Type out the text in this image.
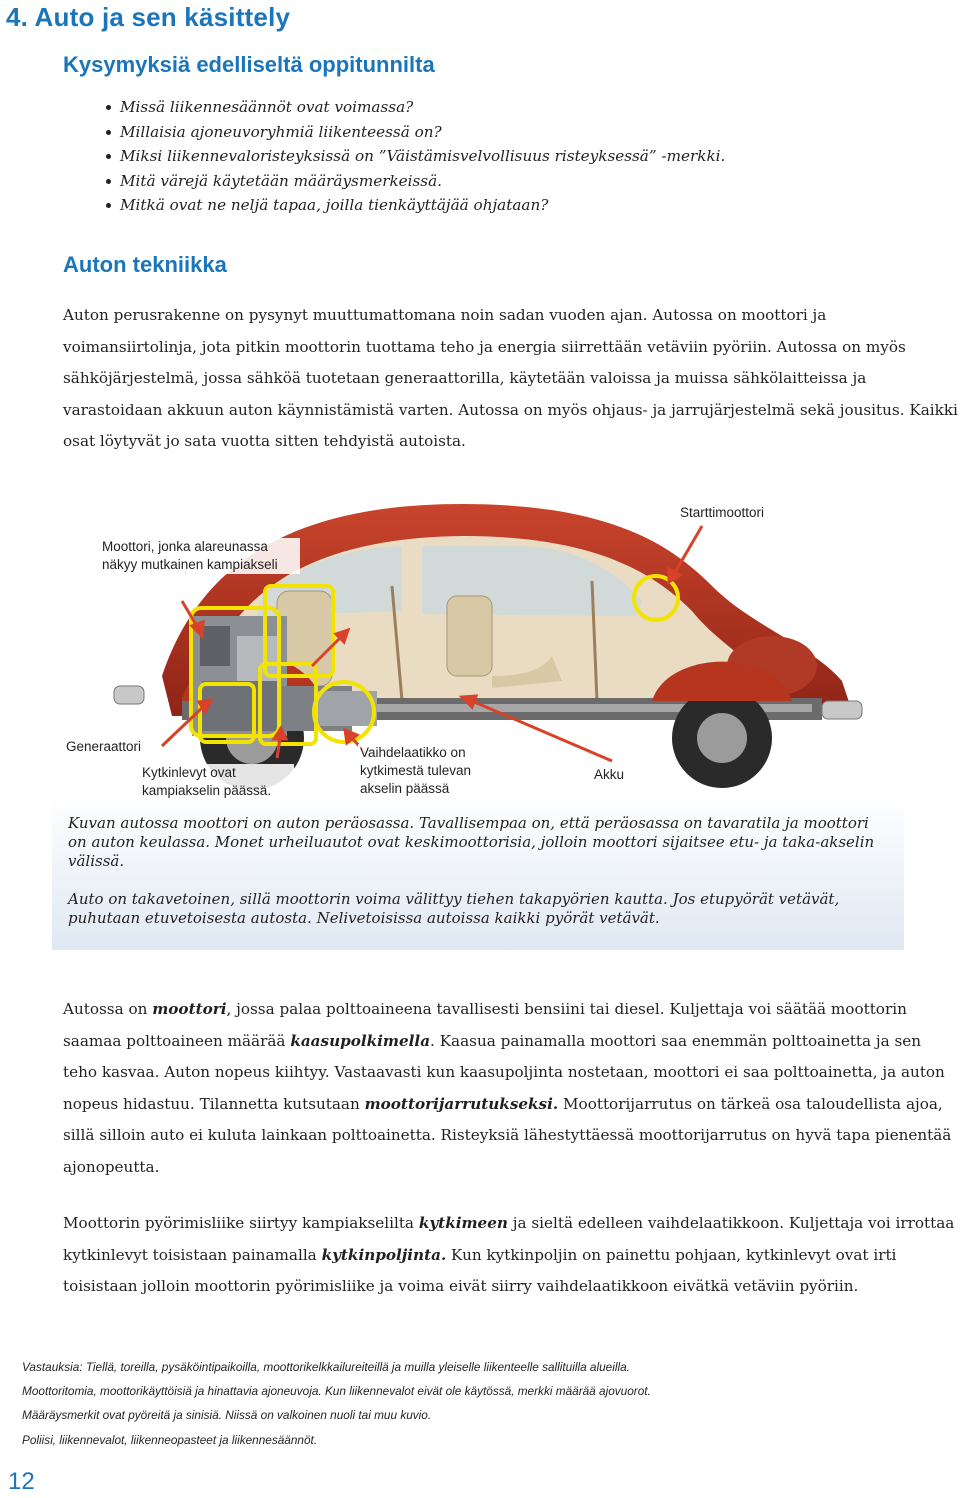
4. Auto ja sen käsittely
Kysymyksiä edelliseltä oppitunnilta
Missä liikennesäännöt ovat voimassa?
Millaisia ajoneuvoryhmiä liikenteessä on?
Miksi liikennevaloristeyksissä on ”Väistämisvelvollisuus risteyksessä” -merkki.
Mitä värejä käytetään määräysmerkeissä.
Mitkä ovat ne neljä tapaa, joilla tienkäyttäjää ohjataan?
Auton tekniikka

Auton perusrakenne on pysynyt muuttumattomana noin sadan vuoden ajan. Autossa on moottori ja voimansiirtolinja, jota pitkin moottorin tuottama teho ja energia siirrettään vetäviin pyöriin. Autossa on myös sähköjärjestelmä, jossa sähköä tuotetaan generaattorilla, käytetään valoissa ja muissa sähkölaitteissa ja varastoidaan akkuun auton käynnistämistä varten. Autossa on myös ohjaus- ja jarrujärjestelmä sekä jousitus. Kaikki osat löytyvät jo sata vuotta sitten tehdyistä autoista.

Moottori, jonka alareunassa näkyy mutkainen kampiakseli
Starttimoottori
Generaattori
Kytkinlevyt ovat kampiakselin päässä.
Vaihdelaatikko on kytkimestä tulevan akselin päässä
Akku

Kuvan autossa moottori on auton peräosassa. Tavallisempaa on, että peräosassa on tavaratila ja moottori on auton keulassa. Monet urheiluautot ovat keskimoottorisia, jolloin moottori sijaitsee etu- ja taka-akselin välissä.

Auto on takavetoinen, sillä moottorin voima välittyy tiehen takapyörien kautta. Jos etupyörät vetävät, puhutaan etuvetoisesta autosta. Nelivetoisissa autoissa kaikki pyörät vetävät.

Autossa on moottori, jossa palaa polttoaineena tavallisesti bensiini tai diesel. Kuljettaja voi säätää moottorin saamaa polttoaineen määrää kaasupolkimella. Kaasua painamalla moottori saa enemmän polttoainetta ja sen teho kasvaa. Auton nopeus kiihtyy. Vastaavasti kun kaasupoljinta nostetaan, moottori ei saa polttoainetta, ja auton nopeus hidastuu. Tilannetta kutsutaan moottorijarrutukseksi. Moottorijarrutus on tärkeä osa taloudellista ajoa, sillä silloin auto ei kuluta lainkaan polttoainetta. Risteyksiä lähestyttäessä moottorijarrutus on hyvä tapa pienentää ajonopeutta.

Moottorin pyörimisliike siirtyy kampiakselilta kytkimeen ja sieltä edelleen vaihdelaatikkoon. Kuljettaja voi irrottaa kytkinlevyt toisistaan painamalla kytkinpoljinta. Kun kytkinpoljin on painettu pohjaan, kytkinlevyt ovat irti toisistaan jolloin moottorin pyörimisliike ja voima eivät siirry vaihdelaatikkoon eivätkä vetäviin pyöriin.

Vastauksia: Tiellä, toreilla, pysäköintipaikoilla, moottorikelkkailureiteillä ja muilla yleiselle liikenteelle sallituilla alueilla.
Moottoritomia, moottorikäyttöisiä ja hinattavia ajoneuvoja. Kun liikennevalot eivät ole käytössä, merkki määrää ajovuorot.
Määräysmerkit ovat pyöreitä ja sinisiä. Niissä on valkoinen nuoli tai muu kuvio.
Poliisi, liikennevalot, liikenneopasteet ja liikennesäännöt.

12
